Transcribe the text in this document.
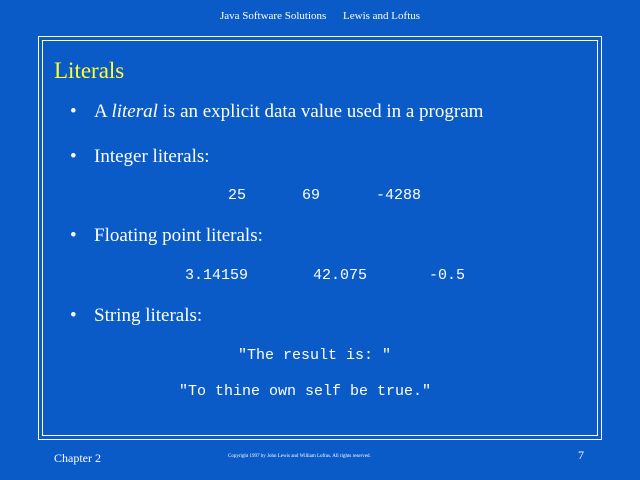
Java Software Solutions Lewis and Loftus
Literals
• A literal is an explicit data value used in a program
• Integer literals:
25	69	-4288
• Floating point literals:
3.14159	42.075	-0.5
• String literals:
"The result is: "
"To thine own self be true."
Chapter 2	Copyright 1997 by John Lewis and William Loftus. All rights reserved.	7
